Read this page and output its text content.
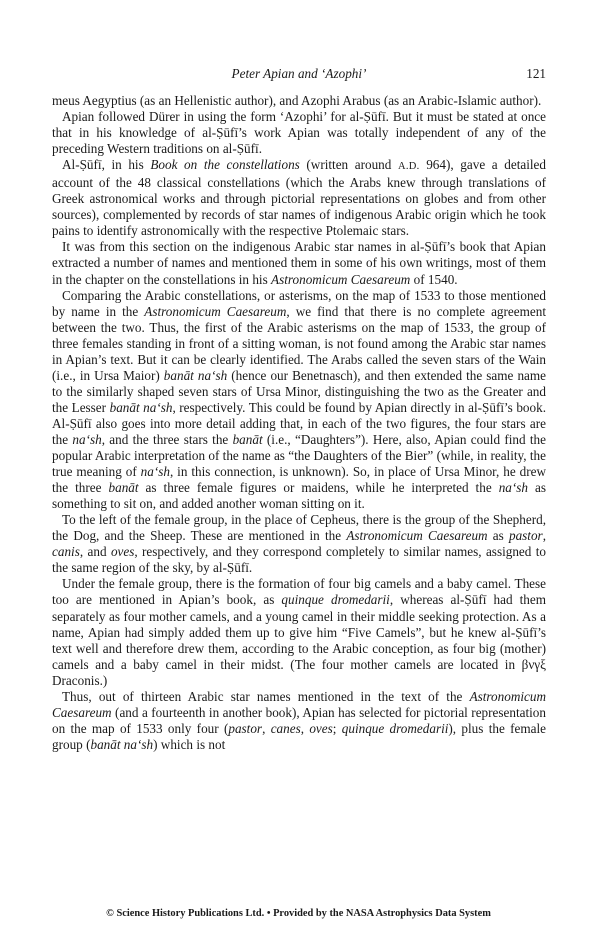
Peter Apian and ‘Azophi’	121

meus Aegyptius (as an Hellenistic author), and Azophi Arabus (as an Arabic-Islamic author).

Apian followed Dürer in using the form ‘Azophi’ for al-Ṣūfī. But it must be stated at once that in his knowledge of al-Ṣūfī’s work Apian was totally independent of any of the preceding Western traditions on al-Ṣūfī.

Al-Ṣūfī, in his Book on the constellations (written around A.D. 964), gave a detailed account of the 48 classical constellations (which the Arabs knew through translations of Greek astronomical works and through pictorial representations on globes and from other sources), complemented by records of star names of indigenous Arabic origin which he took pains to identify astronomically with the respective Ptolemaic stars.

It was from this section on the indigenous Arabic star names in al-Ṣūfī’s book that Apian extracted a number of names and mentioned them in some of his own writings, most of them in the chapter on the constellations in his Astronomicum Caesareum of 1540.

Comparing the Arabic constellations, or asterisms, on the map of 1533 to those mentioned by name in the Astronomicum Caesareum, we find that there is no complete agreement between the two. Thus, the first of the Arabic asterisms on the map of 1533, the group of three females standing in front of a sitting woman, is not found among the Arabic star names in Apian’s text. But it can be clearly identified. The Arabs called the seven stars of the Wain (i.e., in Ursa Maior) banāt na‘sh (hence our Benetnasch), and then extended the same name to the similarly shaped seven stars of Ursa Minor, distinguishing the two as the Greater and the Lesser banāt na‘sh, respectively. This could be found by Apian directly in al-Ṣūfī’s book. Al-Ṣūfī also goes into more detail adding that, in each of the two figures, the four stars are the na‘sh, and the three stars the banāt (i.e., “Daughters”). Here, also, Apian could find the popular Arabic interpretation of the name as “the Daughters of the Bier” (while, in reality, the true meaning of na‘sh, in this connection, is unknown). So, in place of Ursa Minor, he drew the three banāt as three female figures or maidens, while he interpreted the na‘sh as something to sit on, and added another woman sitting on it.

To the left of the female group, in the place of Cepheus, there is the group of the Shepherd, the Dog, and the Sheep. These are mentioned in the Astronomicum Caesareum as pastor, canis, and oves, respectively, and they correspond completely to similar names, assigned to the same region of the sky, by al-Ṣūfī.

Under the female group, there is the formation of four big camels and a baby camel. These too are mentioned in Apian’s book, as quinque dromedarii, whereas al-Ṣūfī had them separately as four mother camels, and a young camel in their middle seeking protection. As a name, Apian had simply added them up to give him “Five Camels”, but he knew al-Ṣūfī’s text well and therefore drew them, according to the Arabic conception, as four big (mother) camels and a baby camel in their midst. (The four mother camels are located in βνγξ Draconis.)

Thus, out of thirteen Arabic star names mentioned in the text of the Astronomicum Caesareum (and a fourteenth in another book), Apian has selected for pictorial representation on the map of 1533 only four (pastor, canes, oves; quinque dromedarii), plus the female group (banāt na‘sh) which is not

© Science History Publications Ltd. • Provided by the NASA Astrophysics Data System
